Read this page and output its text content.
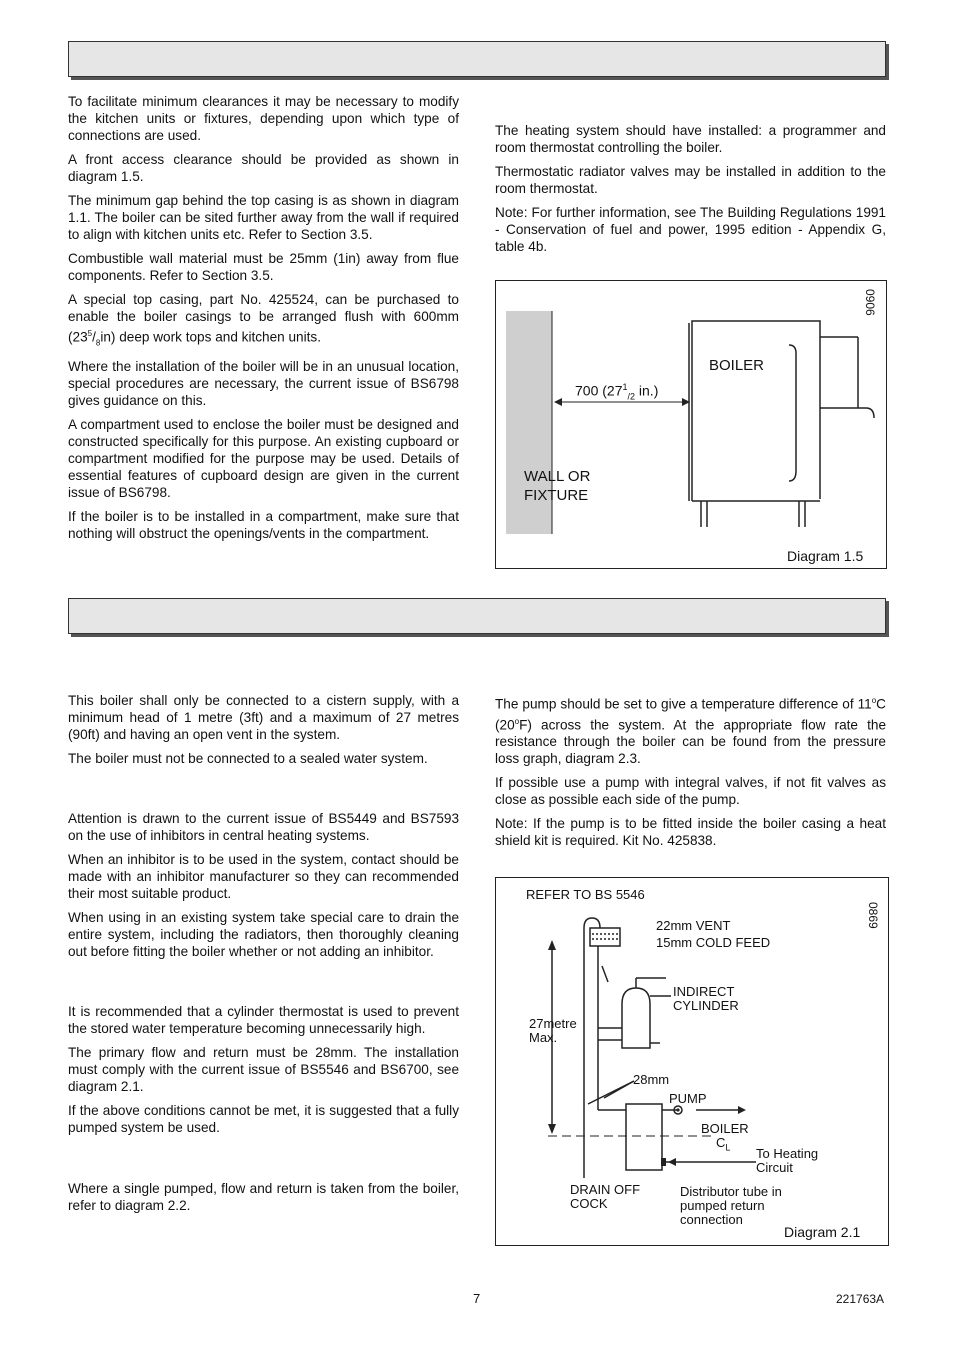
To facilitate minimum clearances it may be necessary to modify the kitchen units or fixtures, depending upon which type of connections are used.

A front access clearance should be provided as shown in diagram 1.5.

The minimum gap behind the top casing is as shown in diagram 1.1. The boiler can be sited further away from the wall if required to align with kitchen units etc. Refer to Section 3.5.

Combustible wall material must be 25mm (1in) away from flue components. Refer to Section 3.5.

A special top casing, part No. 425524, can be purchased to enable the boiler casings to be arranged flush with 600mm $(23^5/_8in)$ deep work tops and kitchen units.

Where the installation of the boiler will be in an unusual location, special procedures are necessary, the current issue of BS6798 gives guidance on this.

A compartment used to enclose the boiler must be designed and constructed specifically for this purpose. An existing cupboard or compartment modified for the purpose may be used. Details of essential features of cupboard design are given in the current issue of BS6798.

If the boiler is to be installed in a compartment, make sure that nothing will obstruct the openings/vents in the compartment.

The heating system should have installed: a programmer and room thermostat controlling the boiler.

Thermostatic radiator valves may be installed in addition to the room thermostat.

Note: For further information, see The Building Regulations 1991 - Conservation of fuel and power, 1995 edition - Appendix G, table 4b.

BOILER
700 ($27^1_{/2}$ in.)
WALL OR
FIXTURE
0906
Diagram 1.5

This boiler shall only be connected to a cistern supply, with a minimum head of 1 metre (3ft) and a maximum of 27 metres (90ft) and having an open vent in the system.

The boiler must not be connected to a sealed water system.

Attention is drawn to the current issue of BS5449 and BS7593 on the use of inhibitors in central heating systems.

When an inhibitor is to be used in the system, contact should be made with an inhibitor manufacturer so they can recommended their most suitable product.

When using in an existing system take special care to drain the entire system, including the radiators, then thoroughly cleaning out before fitting the boiler whether or not adding an inhibitor.

It is recommended that a cylinder thermostat is used to prevent the stored water temperature becoming unnecessarily high.

The primary flow and return must be 28mm. The installation must comply with the current issue of BS5546 and BS6700, see diagram 2.1.

If the above conditions cannot be met, it is suggested that a fully pumped system be used.

Where a single pumped, flow and return is taken from the boiler, refer to diagram 2.2.

The pump should be set to give a temperature difference of 11$^o$C (20$^o$F) across the system. At the appropriate flow rate the resistance through the boiler can be found from the pressure loss graph, diagram 2.3.

If possible use a pump with integral valves, if not fit valves as close as possible each side of the pump.

Note: If the pump is to be fitted inside the boiler casing a heat shield kit is required. Kit No. 425838.

REFER TO BS 5546
0869
22mm VENT
15mm COLD FEED
INDIRECT
CYLINDER
27metre
Max.
28mm
PUMP
BOILER
$C_L$ To Heating
Circuit
DRAIN OFF
COCK
Distributor tube in
pumped return
connection
Diagram 2.1
7	221763A
